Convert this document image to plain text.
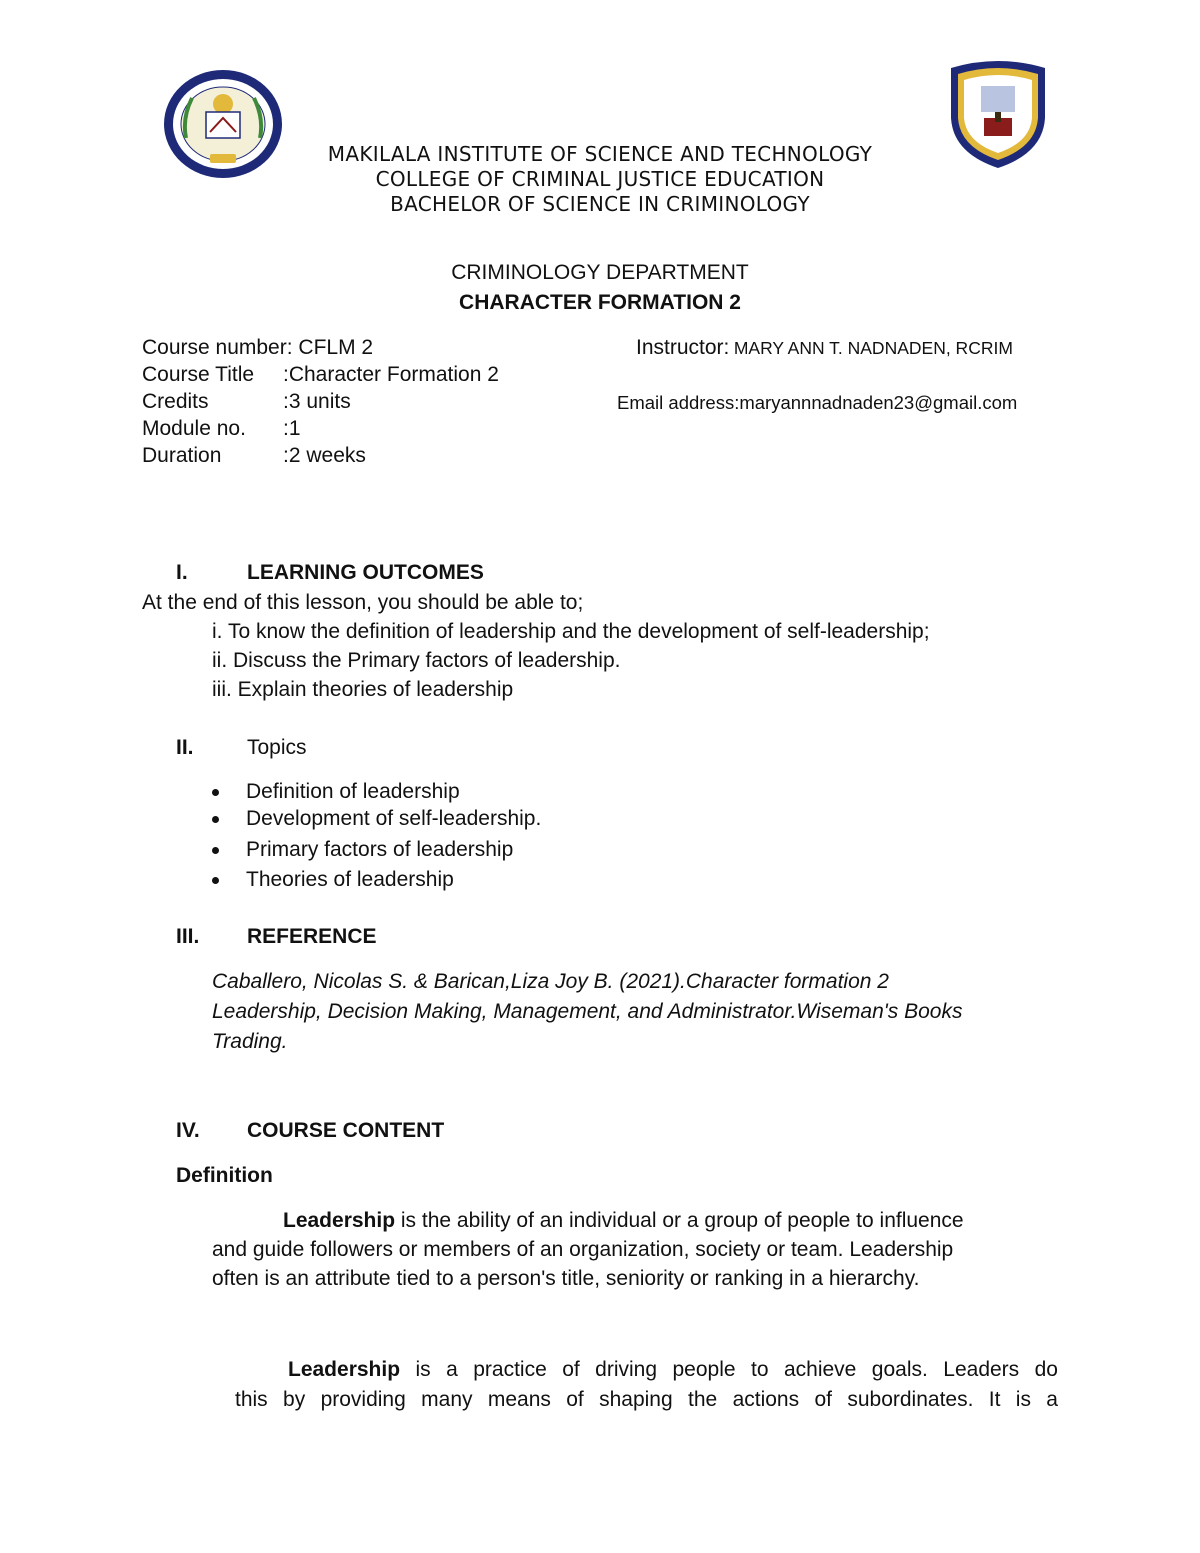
MAKILALA INSTITUTE OF SCIENCE AND TECHNOLOGY
COLLEGE OF CRIMINAL JUSTICE EDUCATION
BACHELOR OF SCIENCE IN CRIMINOLOGY
CRIMINOLOGY DEPARTMENT
CHARACTER FORMATION 2
Course number: CFLM 2
Course Title :Character Formation 2
Credits	:3 units
Module no. :1
Duration	:2 weeks
Instructor: MARY ANN T. NADNADEN, RCRIM
Email address:maryannnadnaden23@gmail.com
I.	LEARNING OUTCOMES
At the end of this lesson, you should be able to;
i. To know the definition of leadership and the development of self-leadership;
ii. Discuss the Primary factors of leadership.
iii. Explain theories of leadership
II.	Topics
Definition of leadership
Development of self-leadership.
Primary factors of leadership
Theories of leadership
III. REFERENCE
Caballero, Nicolas S. & Barican,Liza Joy B. (2021).Character formation 2
Leadership, Decision Making, Management, and Administrator.Wiseman's Books
Trading.
IV. COURSE CONTENT
Definition
Leadership is the ability of an individual or a group of people to influence
and guide followers or members of an organization, society or team. Leadership
often is an attribute tied to a person's title, seniority or ranking in a hierarchy.
Leadership is a practice of driving people to achieve goals. Leaders do
this by providing many means of shaping the actions of subordinates. It is a
